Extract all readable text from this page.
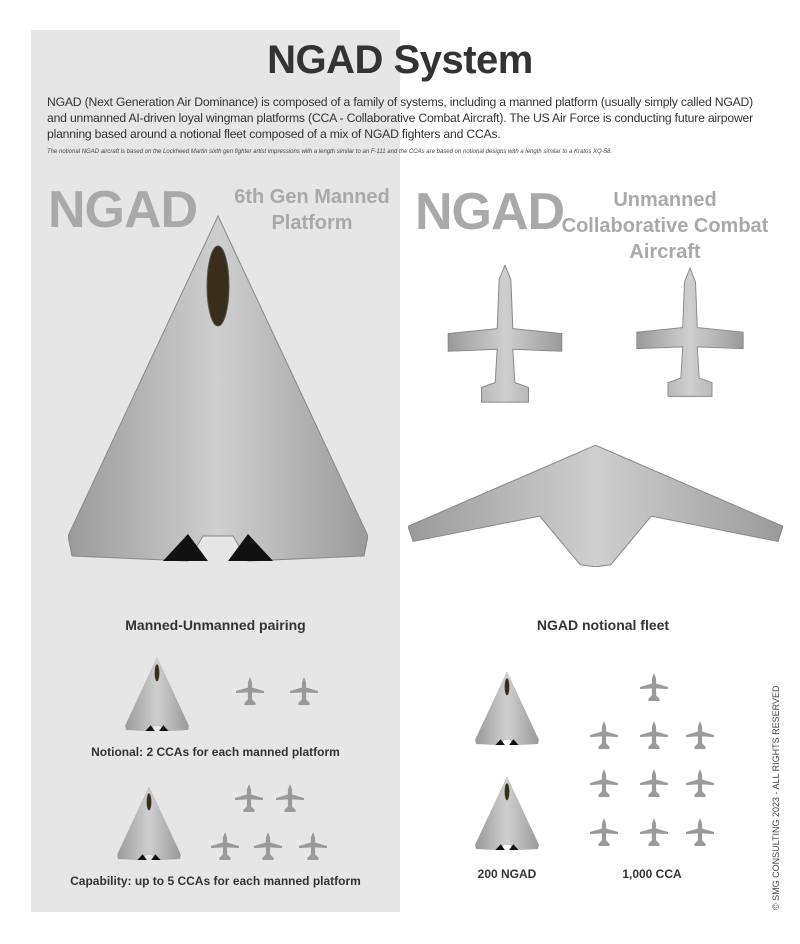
NGAD System
NGAD (Next Generation Air Dominance) is composed of a family of systems, including a manned platform (usually simply called NGAD) and unmanned AI-driven loyal wingman platforms (CCA - Collaborative Combat Aircraft). The US Air Force is conducting future airpower planning based around a notional fleet composed of a mix of NGAD fighters and CCAs.
The notional NGAD aircraft is based on the Lockheed Martin sixth gen fighter artist impressions with a length similar to an F-111 and the CCAs are based on notional designs with a length similar to a Kratos XQ-58.
NGAD 6th Gen Manned Platform	NGAD	Unmanned Collaborative Combat Aircraft
Manned-Unmanned pairing	NGAD notional fleet
Notional: 2 CCAs for each manned platform
Capability: up to 5 CCAs for each manned platform	200 NGAD	1,000 CCA	© SMG CONSULTING 2023 - ALL RIGHTS RESERVED
